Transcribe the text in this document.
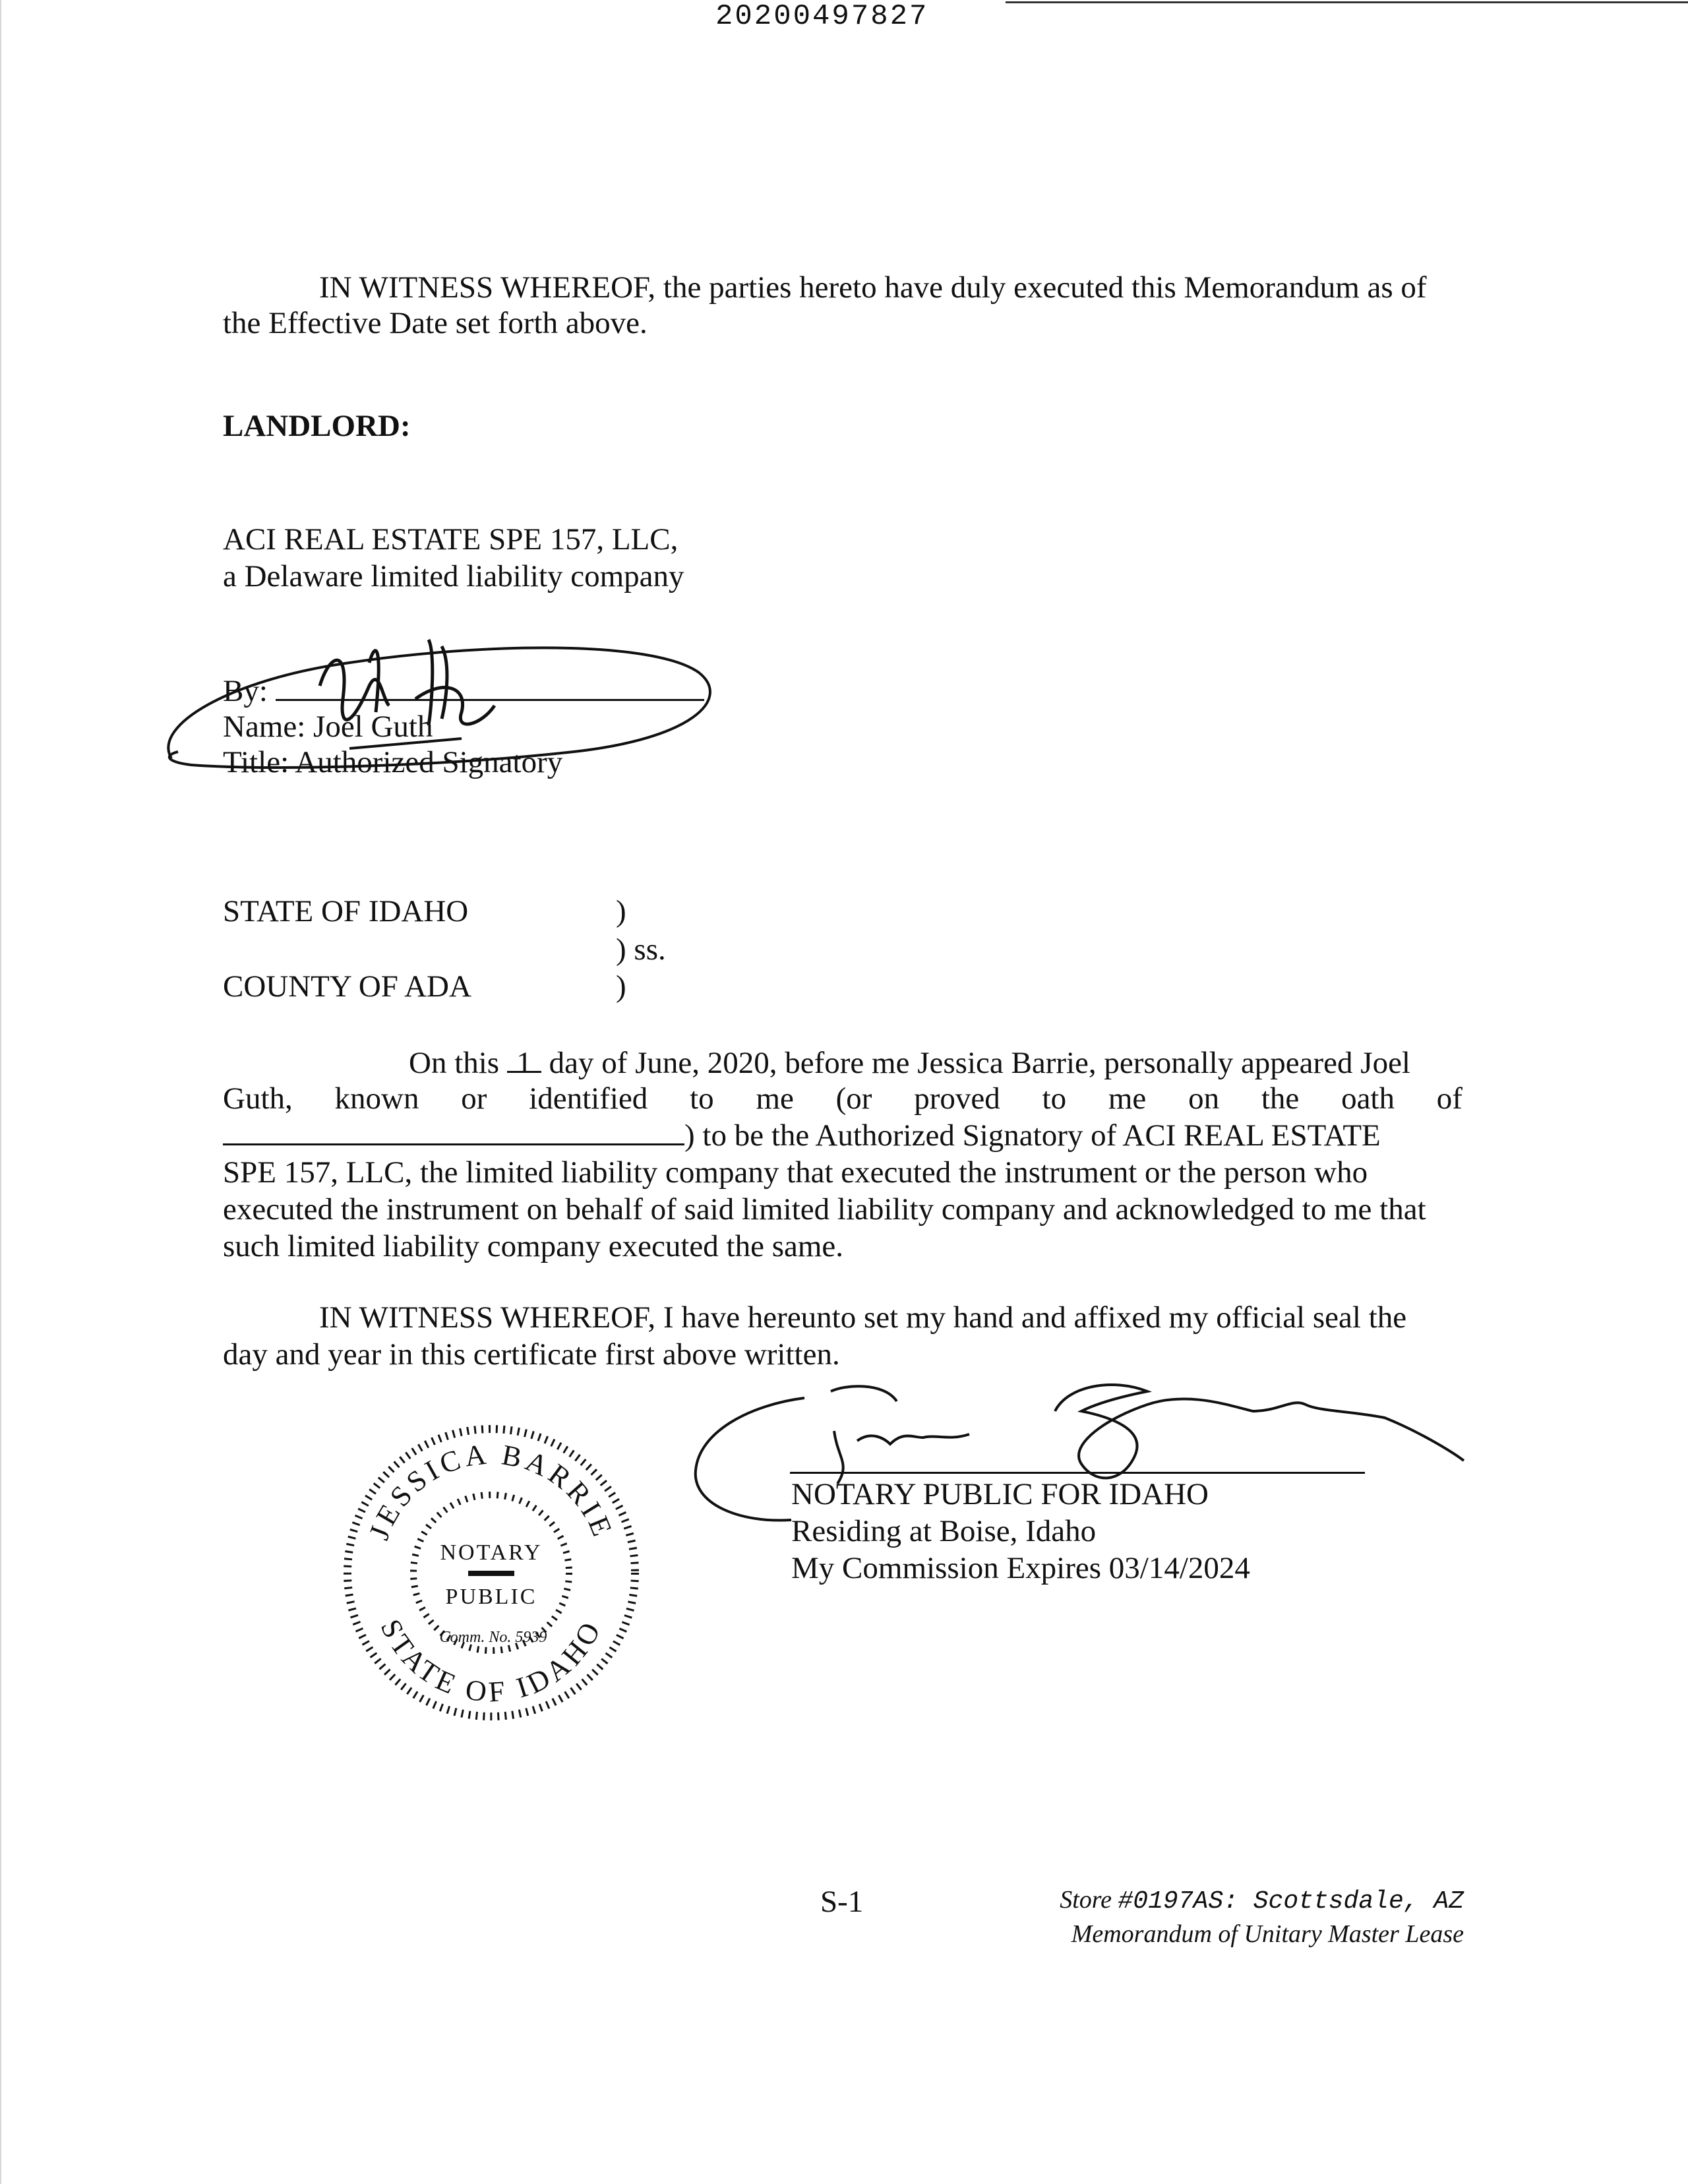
20200497827
IN WITNESS WHEREOF, the parties hereto have duly executed this Memorandum as of
the Effective Date set forth above.
LANDLORD:
ACI REAL ESTATE SPE 157, LLC,
a Delaware limited liability company
By:
Name: Joel Guth
Title: Authorized Signatory
STATE OF IDAHO	)
) ss.
COUNTY OF ADA	)
On this 1 day of June, 2020, before me Jessica Barrie, personally appeared Joel
Guth, known or identified to me (or proved to me on the oath of
) to be the Authorized Signatory of ACI REAL ESTATE
SPE 157, LLC, the limited liability company that executed the instrument or the person who
executed the instrument on behalf of said limited liability company and acknowledged to me that
such limited liability company executed the same.
IN WITNESS WHEREOF, I have hereunto set my hand and affixed my official seal the
day and year in this certificate first above written.
JESSICA BARRIE
STATE OF IDAHO
NOTARY
PUBLIC
Comm. No. 5939
NOTARY PUBLIC FOR IDAHO
Residing at Boise, Idaho
My Commission Expires 03/14/2024
S-1	Store #0197AS: Scottsdale, AZ
Memorandum of Unitary Master Lease
